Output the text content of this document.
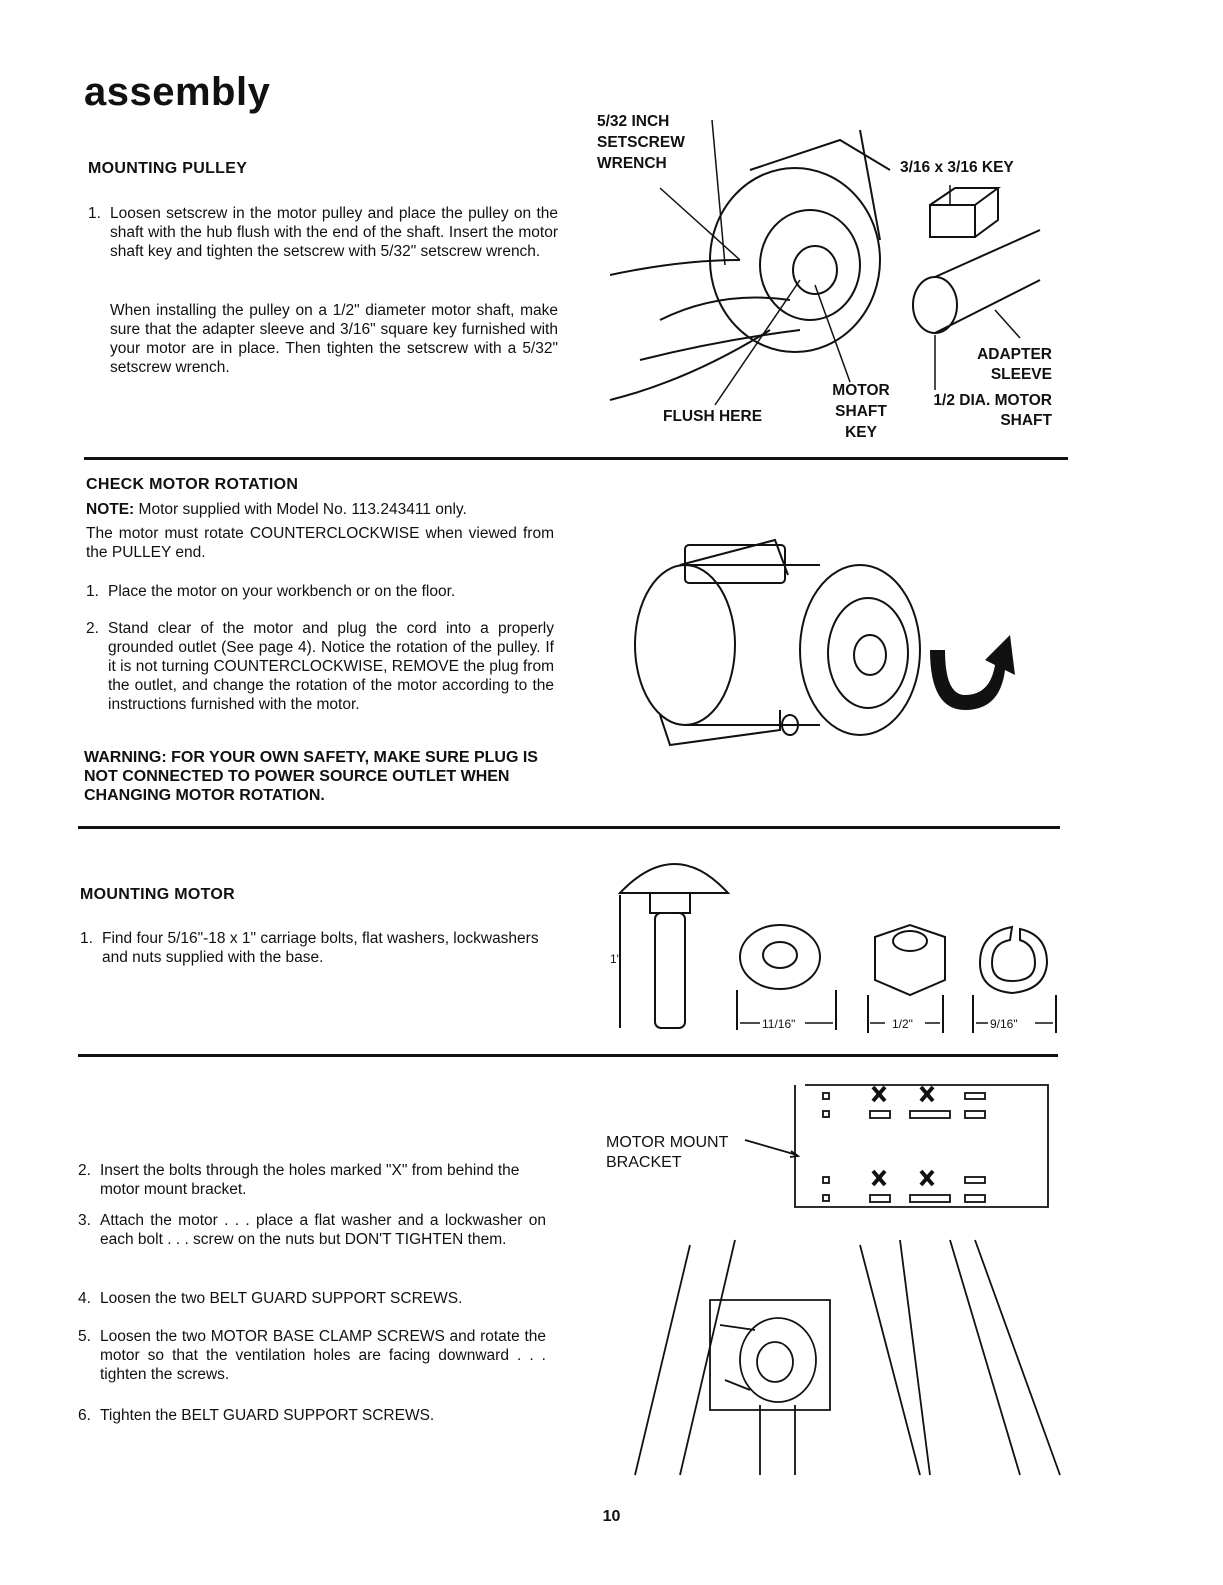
assembly
MOUNTING PULLEY
1. Loosen setscrew in the motor pulley and place the pulley on the shaft with the hub flush with the end of the shaft. Insert the motor shaft key and tighten the setscrew with 5/32" setscrew wrench.
When installing the pulley on a 1/2" diameter motor shaft, make sure that the adapter sleeve and 3/16" square key furnished with your motor are in place. Then tighten the setscrew with a 5/32" setscrew wrench.
5/32 INCH
SETSCREW
WRENCH	3/16 x 3/16 KEY
ADAPTER
SLEEVE
MOTOR
SHAFT
KEY
1/2 DIA. MOTOR
SHAFT
FLUSH HERE
CHECK MOTOR ROTATION
NOTE: Motor supplied with Model No. 113.243411 only.
The motor must rotate COUNTERCLOCKWISE when viewed from the PULLEY end.
1. Place the motor on your workbench or on the floor.
2. Stand clear of the motor and plug the cord into a properly grounded outlet (See page 4). Notice the rotation of the pulley. If it is not turning COUNTERCLOCKWISE, REMOVE the plug from the outlet, and change the rotation of the motor according to the instructions furnished with the motor.
WARNING: FOR YOUR OWN SAFETY, MAKE SURE PLUG IS NOT CONNECTED TO POWER SOURCE OUTLET WHEN CHANGING MOTOR ROTATION.
MOUNTING MOTOR
1. Find four 5/16"-18 x 1" carriage bolts, flat washers, lockwashers and nuts supplied with the base.	1"
11/16"	1/2"	9/16"
2. Insert the bolts through the holes marked "X" from behind the motor mount bracket.
3. Attach the motor . . . place a flat washer and a lockwasher on each bolt . . . screw on the nuts but DON'T TIGHTEN them.
4. Loosen the two BELT GUARD SUPPORT SCREWS.
5. Loosen the two MOTOR BASE CLAMP SCREWS and rotate the motor so that the ventilation holes are facing downward . . . tighten the screws.
6. Tighten the BELT GUARD SUPPORT SCREWS.
MOTOR MOUNT
BRACKET
10
